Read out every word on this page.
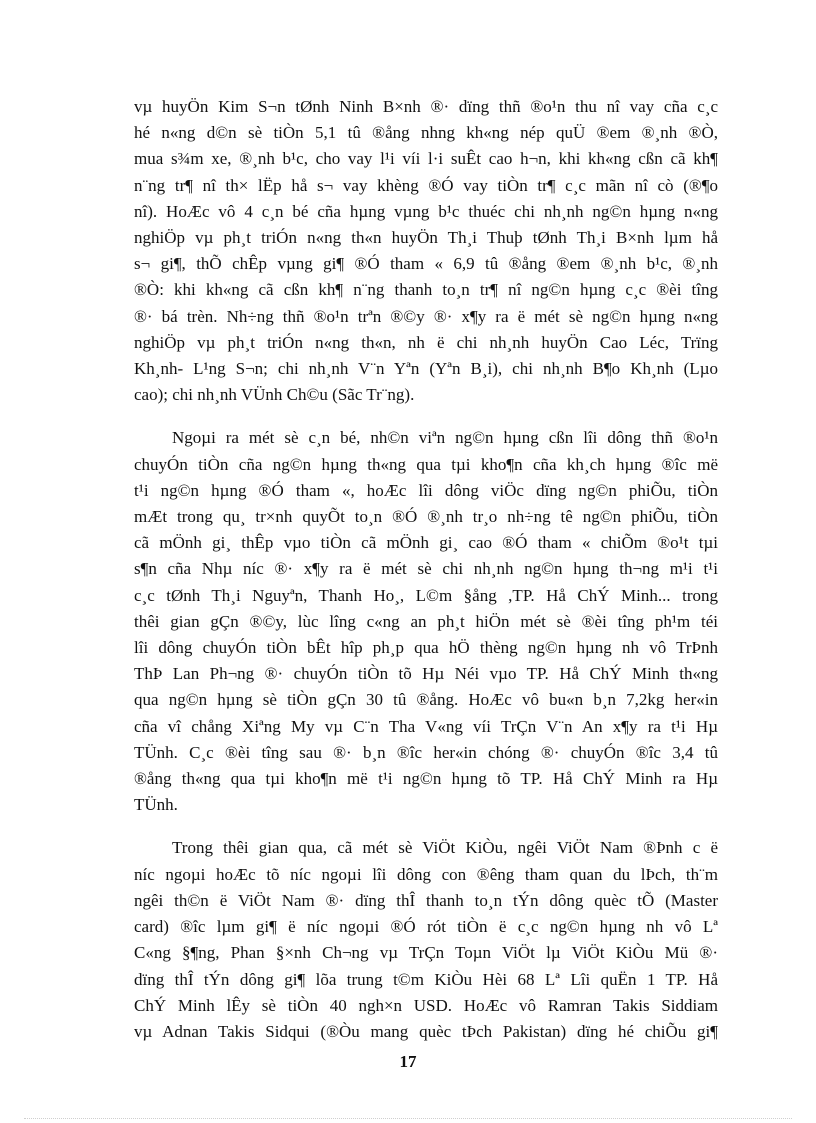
vµ huyÖn Kim S¬n tØnh Ninh B×nh ®· dïng thñ ®o¹n thu nî vay cña c¸c
hé n«ng d©n sè tiÒn 5,1 tû ®ång nhng kh«ng nép quÜ ®em ®¸nh ®Ò,
mua s¾m xe, ®¸nh b¹c, cho vay l¹i víi l·i suÊt cao h¬n, khi kh«ng cßn cã kh¶
n¨ng tr¶ nî th× lËp hå s¬ vay khèng ®Ó vay tiÒn tr¶ c¸c mãn nî cò (®¶o
nî). HoÆc vô 4 c¸n bé cña hµng vµng b¹c thuéc chi nh¸nh ng©n hµng n«ng
nghiÖp vµ ph¸t triÓn n«ng th«n huyÖn Th¸i Thuþ tØnh Th¸i B×nh lµm hå
s¬ gi¶, thÕ chÊp vµng gi¶ ®Ó tham « 6,9 tû ®ång ®em ®¸nh b¹c, ®¸nh
®Ò: khi kh«ng cã cßn kh¶ n¨ng thanh to¸n tr¶ nî ng©n hµng c¸c ®èi tîng
®· bá trèn. Nh÷ng thñ ®o¹n trªn ®©y ®· x¶y ra ë mét sè ng©n hµng n«ng
nghiÖp vµ ph¸t triÓn n«ng th«n, nh ë chi nh¸nh huyÖn Cao Léc, Trïng
Kh¸nh- L¹ng S¬n; chi nh¸nh V¨n Yªn (Yªn B¸i), chi nh¸nh B¶o Kh¸nh (Lµo
cao); chi nh¸nh VÜnh Ch©u (Sãc Tr¨ng).
Ngoµi ra mét sè c¸n bé, nh©n viªn ng©n hµng cßn lîi dông thñ ®o¹n
chuyÓn tiÒn cña ng©n hµng th«ng qua tµi kho¶n cña kh¸ch hµng ®îc më
t¹i ng©n hµng ®Ó tham «, hoÆc lîi dông viÖc dïng ng©n phiÕu, tiÒn
mÆt trong qu¸ tr×nh quyÕt to¸n ®Ó ®¸nh tr¸o nh÷ng tê ng©n phiÕu, tiÒn
cã mÖnh gi¸ thÊp vµo tiÒn cã mÖnh gi¸ cao ®Ó tham « chiÕm ®o¹t tµi
s¶n cña Nhµ níc ®· x¶y ra ë mét sè chi nh¸nh ng©n hµng th¬ng m¹i t¹i
c¸c tØnh Th¸i Nguyªn, Thanh Ho¸, L©m §ång ,TP. Hå ChÝ Minh... trong
thêi gian gÇn ®©y, lùc lîng c«ng an ph¸t hiÖn mét sè ®èi tîng ph¹m téi
lîi dông chuyÓn tiÒn bÊt hîp ph¸p qua hÖ thèng ng©n hµng nh vô TrÞnh
ThÞ Lan Ph¬ng ®· chuyÓn tiÒn tõ Hµ Néi vµo TP. Hå ChÝ Minh th«ng
qua ng©n hµng sè tiÒn gÇn 30 tû ®ång. HoÆc vô bu«n b¸n 7,2kg her«in
cña vî chång Xiªng My vµ C¨n Tha V«ng víi TrÇn V¨n An x¶y ra t¹i Hµ
TÜnh. C¸c ®èi tîng sau ®· b¸n ®îc her«in chóng ®· chuyÓn ®îc 3,4 tû
®ång th«ng qua tµi kho¶n më t¹i ng©n hµng tõ TP. Hå ChÝ Minh ra Hµ
TÜnh.
Trong thêi gian qua, cã mét sè ViÖt KiÒu, ngêi ViÖt Nam ®Þnh c ë
níc ngoµi hoÆc tõ níc ngoµi lîi dông con ®êng tham quan du lÞch, th¨m
ngêi th©n ë ViÖt Nam ®· dïng thÎ thanh to¸n tÝn dông quèc tÕ (Master
card) ®îc lµm gi¶ ë níc ngoµi ®Ó rót tiÒn ë c¸c ng©n hµng nh vô Lª
C«ng §¶ng, Phan §×nh Ch¬ng vµ TrÇn Toµn ViÖt lµ ViÖt KiÒu Mü ®·
dïng thÎ tÝn dông gi¶ lõa trung t©m KiÒu Hèi 68 Lª Lîi quËn 1 TP. Hå
ChÝ Minh lÊy sè tiÒn 40 ngh×n USD. HoÆc vô Ramran Takis Siddiam
vµ Adnan Takis Sidqui (®Òu mang quèc tÞch Pakistan) dïng hé chiÕu gi¶
17
